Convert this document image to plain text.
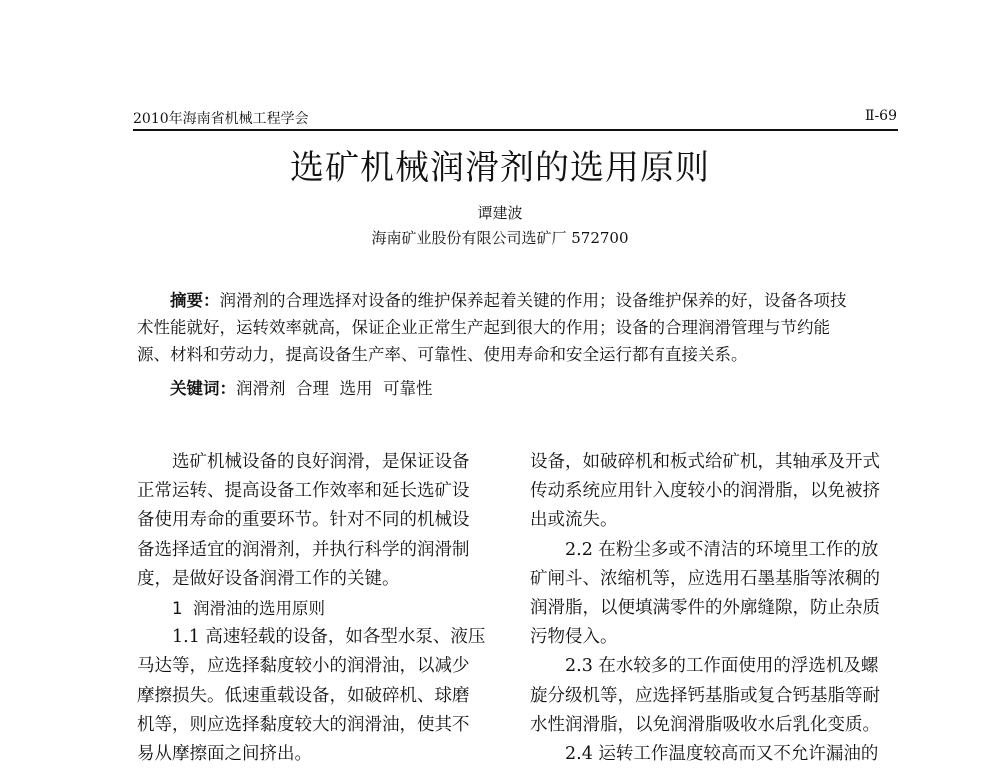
2010年海南省机械工程学会	Ⅱ-69
选矿机械润滑剂的选用原则
谭建波
海南矿业股份有限公司选矿厂 572700
摘要：润滑剂的合理选择对设备的维护保养起着关键的作用；设备维护保养的好，设备各项技
术性能就好，运转效率就高，保证企业正常生产起到很大的作用；设备的合理润滑管理与节约能
源、材料和劳动力，提高设备生产率、可靠性、使用寿命和安全运行都有直接关系。
关键词：润滑剂  合理  选用  可靠性
选矿机械设备的良好润滑，是保证设备
正常运转、提高设备工作效率和延长选矿设
备使用寿命的重要环节。针对不同的机械设
备选择适宜的润滑剂，并执行科学的润滑制
度，是做好设备润滑工作的关键。
1  润滑油的选用原则
1.1 高速轻载的设备，如各型水泵、液压
马达等，应选择黏度较小的润滑油，以减少
摩擦损失。低速重载设备，如破碎机、球磨
机等，则应选择黏度较大的润滑油，使其不
易从摩擦面之间挤出。
设备，如破碎机和板式给矿机，其轴承及开式
传动系统应用针入度较小的润滑脂，以免被挤
出或流失。
2.2 在粉尘多或不清洁的环境里工作的放
矿闸斗、浓缩机等，应选用石墨基脂等浓稠的
润滑脂，以便填满零件的外廓缝隙，防止杂质
污物侵入。
2.3 在水较多的工作面使用的浮选机及螺
旋分级机等，应选择钙基脂或复合钙基脂等耐
水性润滑脂，以免润滑脂吸收水后乳化变质。
2.4 运转工作温度较高而又不允许漏油的
